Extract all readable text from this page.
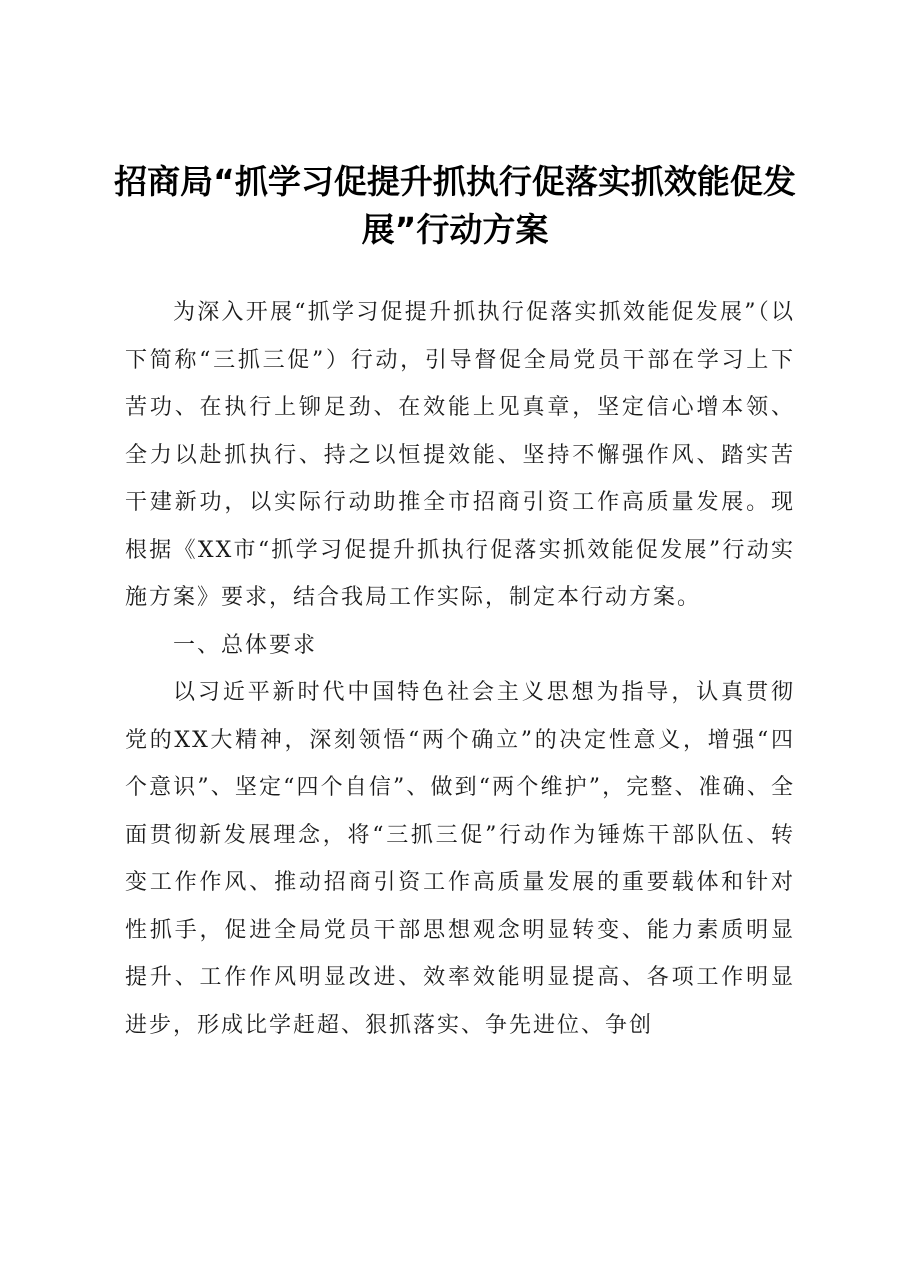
招商局“抓学习促提升抓执行促落实抓效能促发展”行动方案

为深入开展“抓学习促提升抓执行促落实抓效能促发展”（以下简称“三抓三促”）行动，引导督促全局党员干部在学习上下苦功、在执行上铆足劲、在效能上见真章，坚定信心增本领、全力以赴抓执行、持之以恒提效能、坚持不懈强作风、踏实苦干建新功，以实际行动助推全市招商引资工作高质量发展。现根据《XX市“抓学习促提升抓执行促落实抓效能促发展”行动实施方案》要求，结合我局工作实际，制定本行动方案。

一、总体要求

以习近平新时代中国特色社会主义思想为指导，认真贯彻党的XX大精神，深刻领悟“两个确立”的决定性意义，增强“四个意识”、坚定“四个自信”、做到“两个维护”，完整、准确、全面贯彻新发展理念，将“三抓三促”行动作为锤炼干部队伍、转变工作作风、推动招商引资工作高质量发展的重要载体和针对性抓手，促进全局党员干部思想观念明显转变、能力素质明显提升、工作作风明显改进、效率效能明显提高、各项工作明显进步，形成比学赶超、狠抓落实、争先进位、争创
